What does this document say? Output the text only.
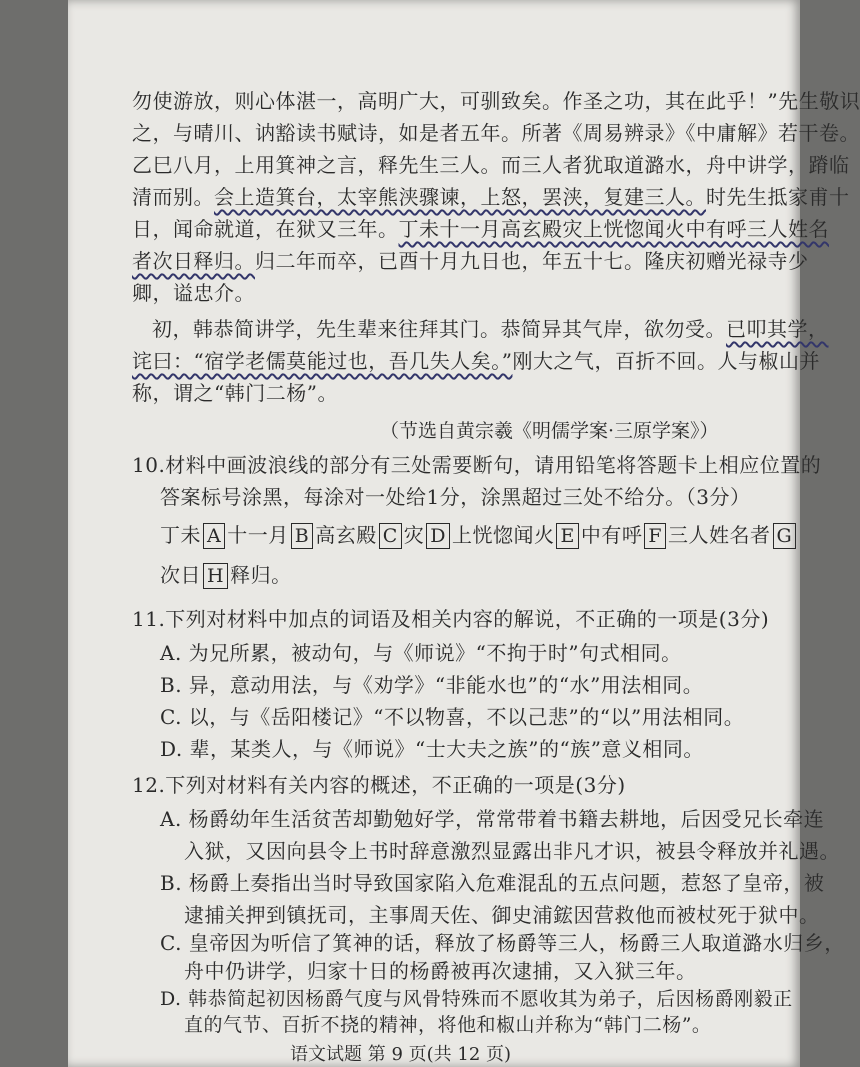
勿使游放，则心体湛一，高明广大，可驯致矣。作圣之功，其在此乎！”先生敬识
之，与晴川、讷豁读书赋诗，如是者五年。所著《周易辨录》《中庸解》若干卷。
乙巳八月，上用箕神之言，释先生三人。而三人者犹取道潞水，舟中讲学，蹐临
清而别。会上造箕台，太宰熊浃骤谏，上怒，罢浃，复建三人。时先生抵家甫十
日，闻命就道，在狱又三年。丁未十一月高玄殿灾上恍惚闻火中有呼三人姓名
者次日释归。归二年而卒，已酉十月九日也，年五十七。隆庆初赠光禄寺少
卿，谥忠介。
初，韩恭简讲学，先生辈来往拜其门。恭简异其气岸，欲勿受。已叩其学，
诧曰：“宿学老儒莫能过也，吾几失人矣。”刚大之气，百折不回。人与椒山并
称，谓之“韩门二杨”。
（节选自黄宗羲《明儒学案·三原学案》）
10.材料中画波浪线的部分有三处需要断句，请用铅笔将答题卡上相应位置的
答案标号涂黑，每涂对一处给1分，涂黑超过三处不给分。（3分）
丁未 A 十一月 B 高玄殿 C 灾 D 上恍惚闻火 E 中有呼 F 三人姓名者 G
次日 H 释归。
11.下列对材料中加点的词语及相关内容的解说，不正确的一项是(3分)
A. 为兄所累，被动句，与《师说》“不拘于时”句式相同。
B. 异，意动用法，与《劝学》“非能水也”的“水”用法相同。
C. 以，与《岳阳楼记》“不以物喜，不以己悲”的“以”用法相同。
D. 辈，某类人，与《师说》“士大夫之族”的“族”意义相同。
12.下列对材料有关内容的概述，不正确的一项是(3分)
A. 杨爵幼年生活贫苦却勤勉好学，常常带着书籍去耕地，后因受兄长牵连
入狱，又因向县令上书时辞意激烈显露出非凡才识，被县令释放并礼遇。
B. 杨爵上奏指出当时导致国家陷入危难混乱的五点问题，惹怒了皇帝，被
逮捕关押到镇抚司，主事周天佐、御史浦鋐因营救他而被杖死于狱中。
C. 皇帝因为听信了箕神的话，释放了杨爵等三人，杨爵三人取道潞水归乡，
舟中仍讲学，归家十日的杨爵被再次逮捕，又入狱三年。
D. 韩恭简起初因杨爵气度与风骨特殊而不愿收其为弟子，后因杨爵刚毅正
直的气节、百折不挠的精神，将他和椒山并称为“韩门二杨”。
语文试题 第 9 页(共 12 页)
